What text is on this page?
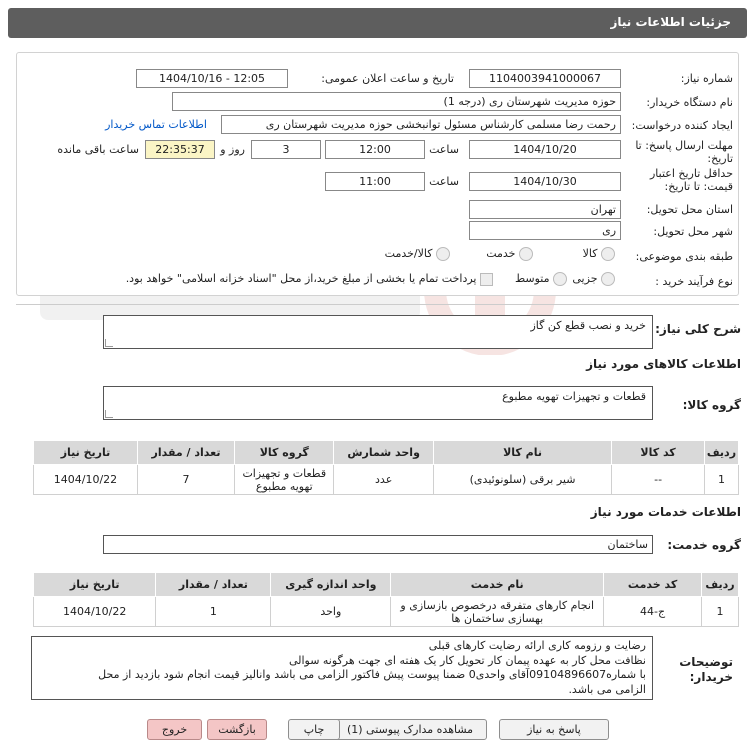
جزئیات اطلاعات نیاز
شماره نیاز:
1104003941000067
تاریخ و ساعت اعلان عمومی:
1404/10/16 - 12:05
نام دستگاه خریدار:
حوزه مدیریت شهرستان ری (درجه 1)
ایجاد کننده درخواست:
رحمت رضا مسلمی کارشناس مسئول توانبخشی حوزه مدیریت شهرستان ری
اطلاعات تماس خریدار
مهلت ارسال پاسخ: تا
تاریخ:
1404/10/20
ساعت
12:00
3
روز و
22:35:37
ساعت باقی مانده
حداقل تاریخ اعتبار
قیمت: تا تاریخ:
1404/10/30
ساعت
11:00
استان محل تحویل:
تهران
شهر محل تحویل:
ری
طبقه بندی موضوعی:
کالا
خدمت
کالا/خدمت
نوع فرآیند خرید :
جزیی
متوسط
پرداخت تمام یا بخشی از مبلغ خرید،از محل "اسناد خزانه اسلامی" خواهد بود.
شرح کلی نیاز:
خرید و نصب قطع کن گاز
اطلاعات کالاهای مورد نیاز
گروه کالا:
قطعات و تجهیزات تهویه مطبوع
ردیف	کد کالا	نام کالا	واحد شمارش	گروه کالا	تعداد / مقدار	تاریخ نیاز
1	--	شیر برقی (سلونوئیدی)	عدد	قطعات و تجهیزات تهویه مطبوع	7	1404/10/22
اطلاعات خدمات مورد نیاز
گروه خدمت:
ساختمان
ردیف	کد خدمت	نام خدمت	واحد اندازه گیری	تعداد / مقدار	تاریخ نیاز
1	ج-44	انجام کارهای متفرقه درخصوص بازسازی و بهسازی ساختمان ها	واحد	1	1404/10/22
توضیحات
خریدار:
رضایت و رزومه کاری ارائه رضایت کارهای قبلی
نظافت محل کار به عهده پیمان کار تحویل کار یک هفته ای جهت هرگونه سوالی
با شماره09104896607آقای واحدی0 ضمنا پیوست پیش فاکتور الزامی می باشد وانالیز قیمت انجام شود بازدید از محل
الزامی می باشد.
پاسخ به نیاز
مشاهده مدارک پیوستی (1)
چاپ
بازگشت
خروج
